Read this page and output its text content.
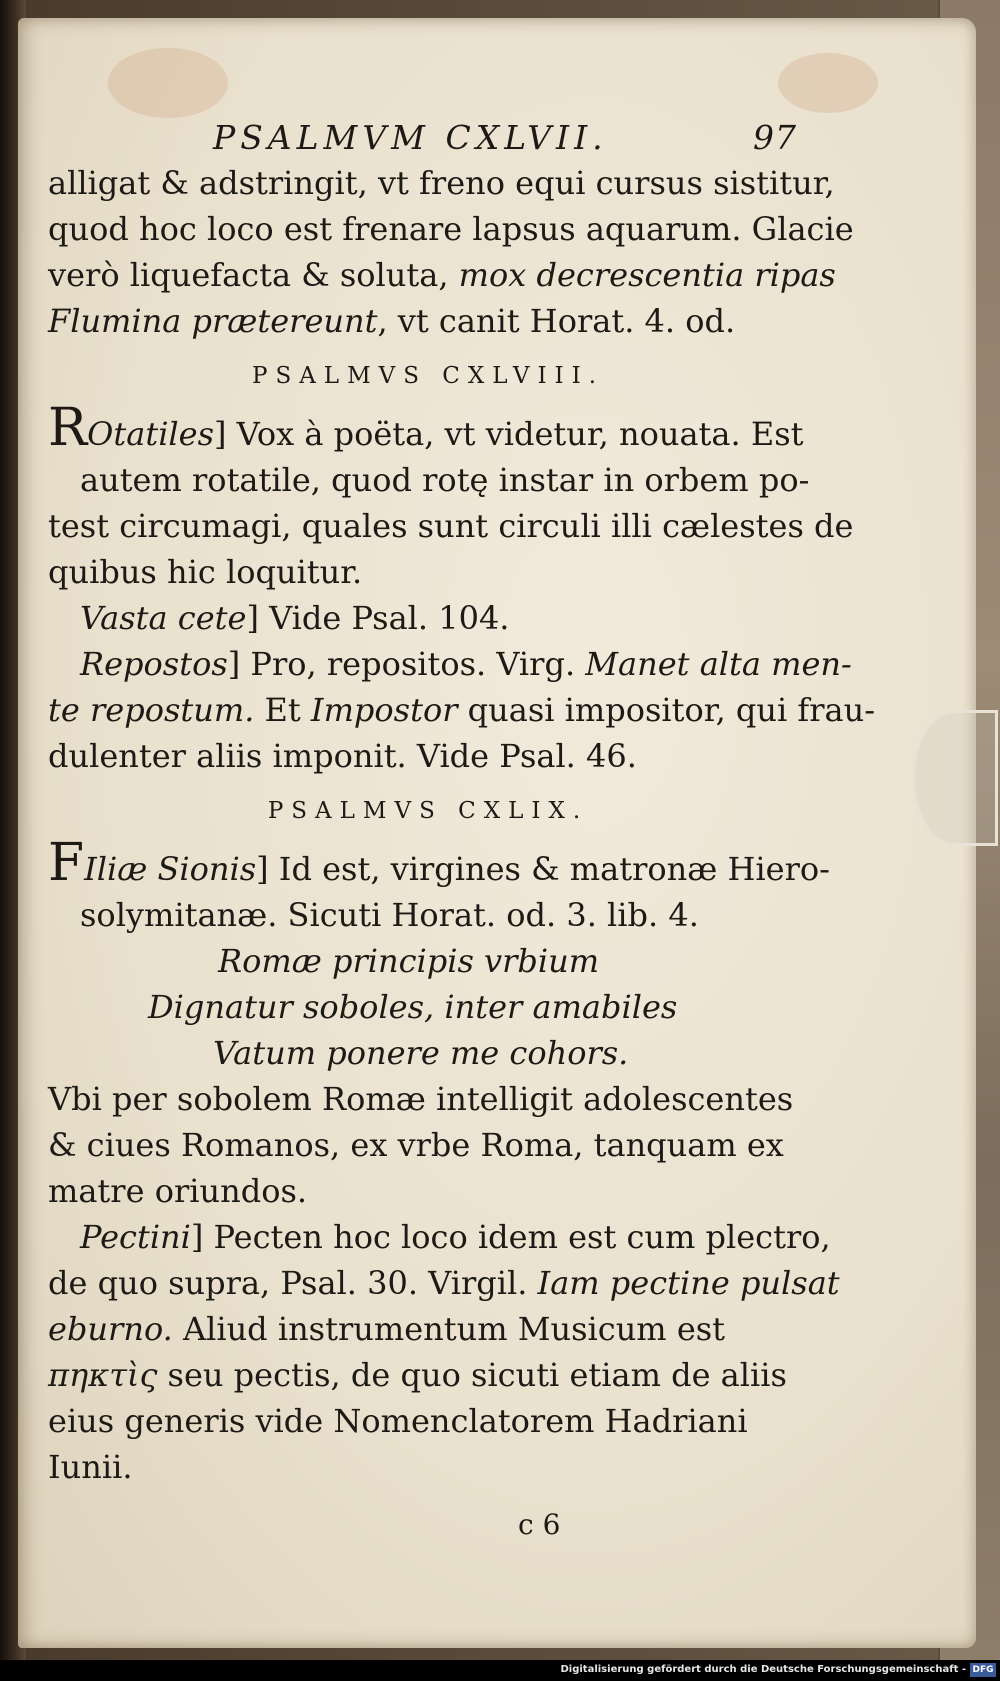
PSALMVM CXLVII.	97
alligat & adstringit, vt freno equi cursus sistitur,
quod hoc loco est frenare lapsus aquarum. Glacie
verò liquefacta & soluta, mox decrescentia ripas
Flumina prætereunt, vt canit Horat. 4. od.
PSALMVS CXLVIII.
ROtatiles] Vox à poëta, vt videtur, nouata. Est
autem rotatile, quod rotę instar in orbem po-
test circumagi, quales sunt circuli illi cælestes de
quibus hic loquitur.
Vasta cete] Vide Psal. 104.
Repostos] Pro, repositos. Virg. Manet alta men-
te repostum. Et Impostor quasi impositor, qui frau-
dulenter aliis imponit. Vide Psal. 46.
PSALMVS CXLIX.
FIliæ Sionis] Id est, virgines & matronæ Hiero-
solymitanæ. Sicuti Horat. od. 3. lib. 4.
Romæ principis vrbium
Dignatur soboles, inter amabiles
Vatum ponere me cohors.
Vbi per sobolem Romæ intelligit adolescentes
& ciues Romanos, ex vrbe Roma, tanquam ex
matre oriundos.
Pectini] Pecten hoc loco idem est cum plectro,
de quo supra, Psal. 30. Virgil. Iam pectine pulsat
eburno. Aliud instrumentum Musicum est
πηκτὶς seu pectis, de quo sicuti etiam de aliis
eius generis vide Nomenclatorem Hadriani
Iunii.
c 6
Digitalisierung gefördert durch die Deutsche Forschungsgemeinschaft - DFG
